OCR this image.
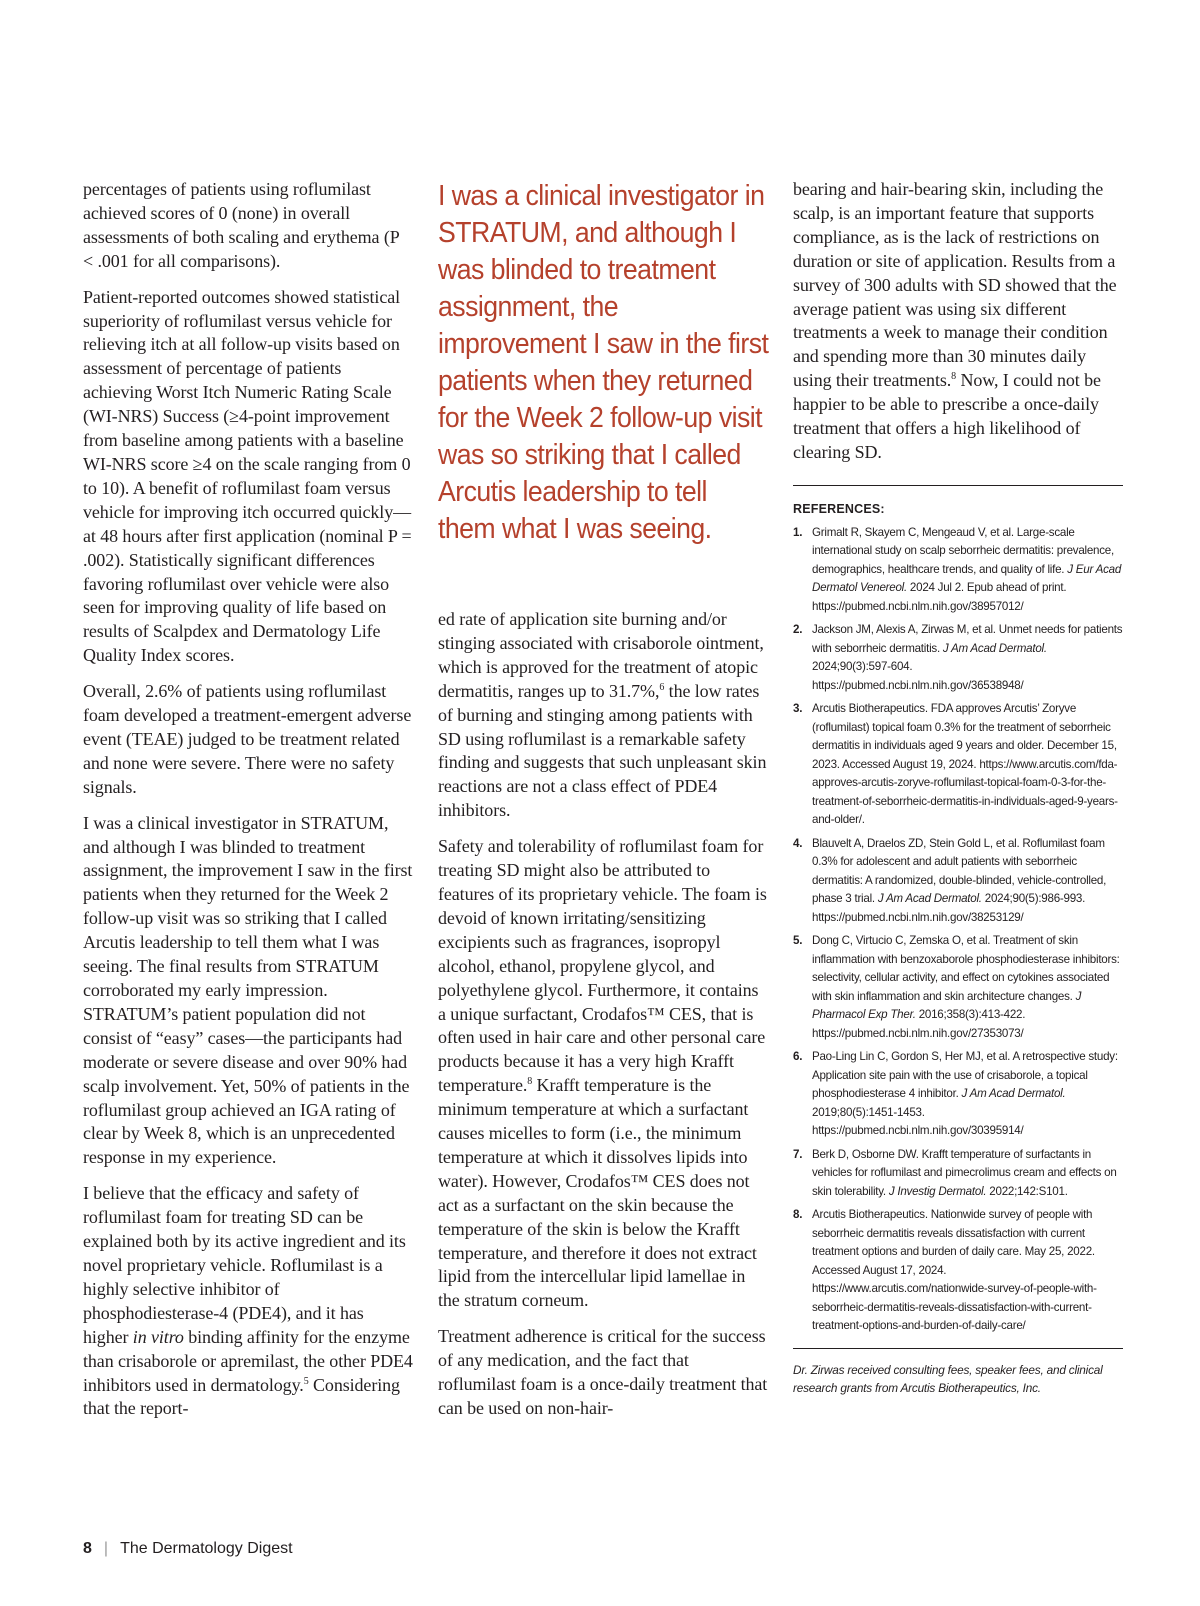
percentages of patients using roflumilast achieved scores of 0 (none) in overall assessments of both scaling and erythema (P < .001 for all comparisons).

Patient-reported outcomes showed statistical superiority of roflumilast versus vehicle for relieving itch at all follow-up visits based on assessment of percentage of patients achieving Worst Itch Numeric Rating Scale (WI-NRS) Success (≥4-point improvement from baseline among patients with a baseline WI-NRS score ≥4 on the scale ranging from 0 to 10). A benefit of roflumilast foam versus vehicle for improving itch occurred quickly—at 48 hours after first application (nominal P = .002). Statistically significant differences favoring roflumilast over vehicle were also seen for improving quality of life based on results of Scalpdex and Dermatology Life Quality Index scores.

Overall, 2.6% of patients using roflumilast foam developed a treatment-emergent adverse event (TEAE) judged to be treatment related and none were severe. There were no safety signals.

I was a clinical investigator in STRATUM, and although I was blinded to treatment assignment, the improvement I saw in the first patients when they returned for the Week 2 follow-up visit was so striking that I called Arcutis leadership to tell them what I was seeing. The final results from STRATUM corroborated my early impression. STRATUM’s patient population did not consist of “easy” cases—the participants had moderate or severe disease and over 90% had scalp involvement. Yet, 50% of patients in the roflumilast group achieved an IGA rating of clear by Week 8, which is an unprecedented response in my experience.

I believe that the efficacy and safety of roflumilast foam for treating SD can be explained both by its active ingredient and its novel proprietary vehicle. Roflumilast is a highly selective inhibitor of phosphodiesterase-4 (PDE4), and it has higher in vitro binding affinity for the enzyme than crisaborole or apremilast, the other PDE4 inhibitors used in dermatology.$^5$ Considering that the report-

I was a clinical investigator in STRATUM, and although I was blinded to treatment assignment, the improvement I saw in the first patients when they returned for the Week 2 follow-up visit was so striking that I called Arcutis leadership to tell them what I was seeing.

ed rate of application site burning and/or stinging associated with crisaborole ointment, which is approved for the treatment of atopic dermatitis, ranges up to 31.7%,$^6$ the low rates of burning and stinging among patients with SD using roflumilast is a remarkable safety finding and suggests that such unpleasant skin reactions are not a class effect of PDE4 inhibitors.

Safety and tolerability of roflumilast foam for treating SD might also be attributed to features of its proprietary vehicle. The foam is devoid of known irritating/sensitizing excipients such as fragrances, isopropyl alcohol, ethanol, propylene glycol, and polyethylene glycol. Furthermore, it contains a unique surfactant, Crodafos™ CES, that is often used in hair care and other personal care products because it has a very high Krafft temperature.$^8$ Krafft temperature is the minimum temperature at which a surfactant causes micelles to form (i.e., the minimum temperature at which it dissolves lipids into water). However, Crodafos™ CES does not act as a surfactant on the skin because the temperature of the skin is below the Krafft temperature, and therefore it does not extract lipid from the intercellular lipid lamellae in the stratum corneum.

Treatment adherence is critical for the success of any medication, and the fact that roflumilast foam is a once-daily treatment that can be used on non-hair-

bearing and hair-bearing skin, including the scalp, is an important feature that supports compliance, as is the lack of restrictions on duration or site of application. Results from a survey of 300 adults with SD showed that the average patient was using six different treatments a week to manage their condition and spending more than 30 minutes daily using their treatments.$^8$ Now, I could not be happier to be able to prescribe a once-daily treatment that offers a high likelihood of clearing SD.

REFERENCES:
1. Grimalt R, Skayem C, Mengeaud V, et al. Large-scale international study on scalp seborrheic dermatitis: prevalence, demographics, healthcare trends, and quality of life. J Eur Acad Dermatol Venereol. 2024 Jul 2. Epub ahead of print. https://pubmed.ncbi.nlm.nih.gov/38957012/
2. Jackson JM, Alexis A, Zirwas M, et al. Unmet needs for patients with seborrheic dermatitis. J Am Acad Dermatol. 2024;90(3):597-604. https://pubmed.ncbi.nlm.nih.gov/36538948/
3. Arcutis Biotherapeutics. FDA approves Arcutis’ Zoryve (roflumilast) topical foam 0.3% for the treatment of seborrheic dermatitis in individuals aged 9 years and older. December 15, 2023. Accessed August 19, 2024. https://www.arcutis.com/fda-approves-arcutis-zoryve-roflumilast-topical-foam-0-3-for-the-treatment-of-seborrheic-dermatitis-in-individuals-aged-9-years-and-older/.
4. Blauvelt A, Draelos ZD, Stein Gold L, et al. Roflumilast foam 0.3% for adolescent and adult patients with seborrheic dermatitis: A randomized, double-blinded, vehicle-controlled, phase 3 trial. J Am Acad Dermatol. 2024;90(5):986-993. https://pubmed.ncbi.nlm.nih.gov/38253129/
5. Dong C, Virtucio C, Zemska O, et al. Treatment of skin inflammation with benzoxaborole phosphodiesterase inhibitors: selectivity, cellular activity, and effect on cytokines associated with skin inflammation and skin architecture changes. J Pharmacol Exp Ther. 2016;358(3):413-422. https://pubmed.ncbi.nlm.nih.gov/27353073/
6. Pao-Ling Lin C, Gordon S, Her MJ, et al. A retrospective study: Application site pain with the use of crisaborole, a topical phosphodiesterase 4 inhibitor. J Am Acad Dermatol. 2019;80(5):1451-1453. https://pubmed.ncbi.nlm.nih.gov/30395914/
7. Berk D, Osborne DW. Krafft temperature of surfactants in vehicles for roflumilast and pimecrolimus cream and effects on skin tolerability. J Investig Dermatol. 2022;142:S101.
8. Arcutis Biotherapeutics. Nationwide survey of people with seborrheic dermatitis reveals dissatisfaction with current treatment options and burden of daily care. May 25, 2022. Accessed August 17, 2024. https://www.arcutis.com/nationwide-survey-of-people-with-seborrheic-dermatitis-reveals-dissatisfaction-with-current-treatment-options-and-burden-of-daily-care/

Dr. Zirwas received consulting fees, speaker fees, and clinical research grants from Arcutis Biotherapeutics, Inc.

8 | The Dermatology Digest
